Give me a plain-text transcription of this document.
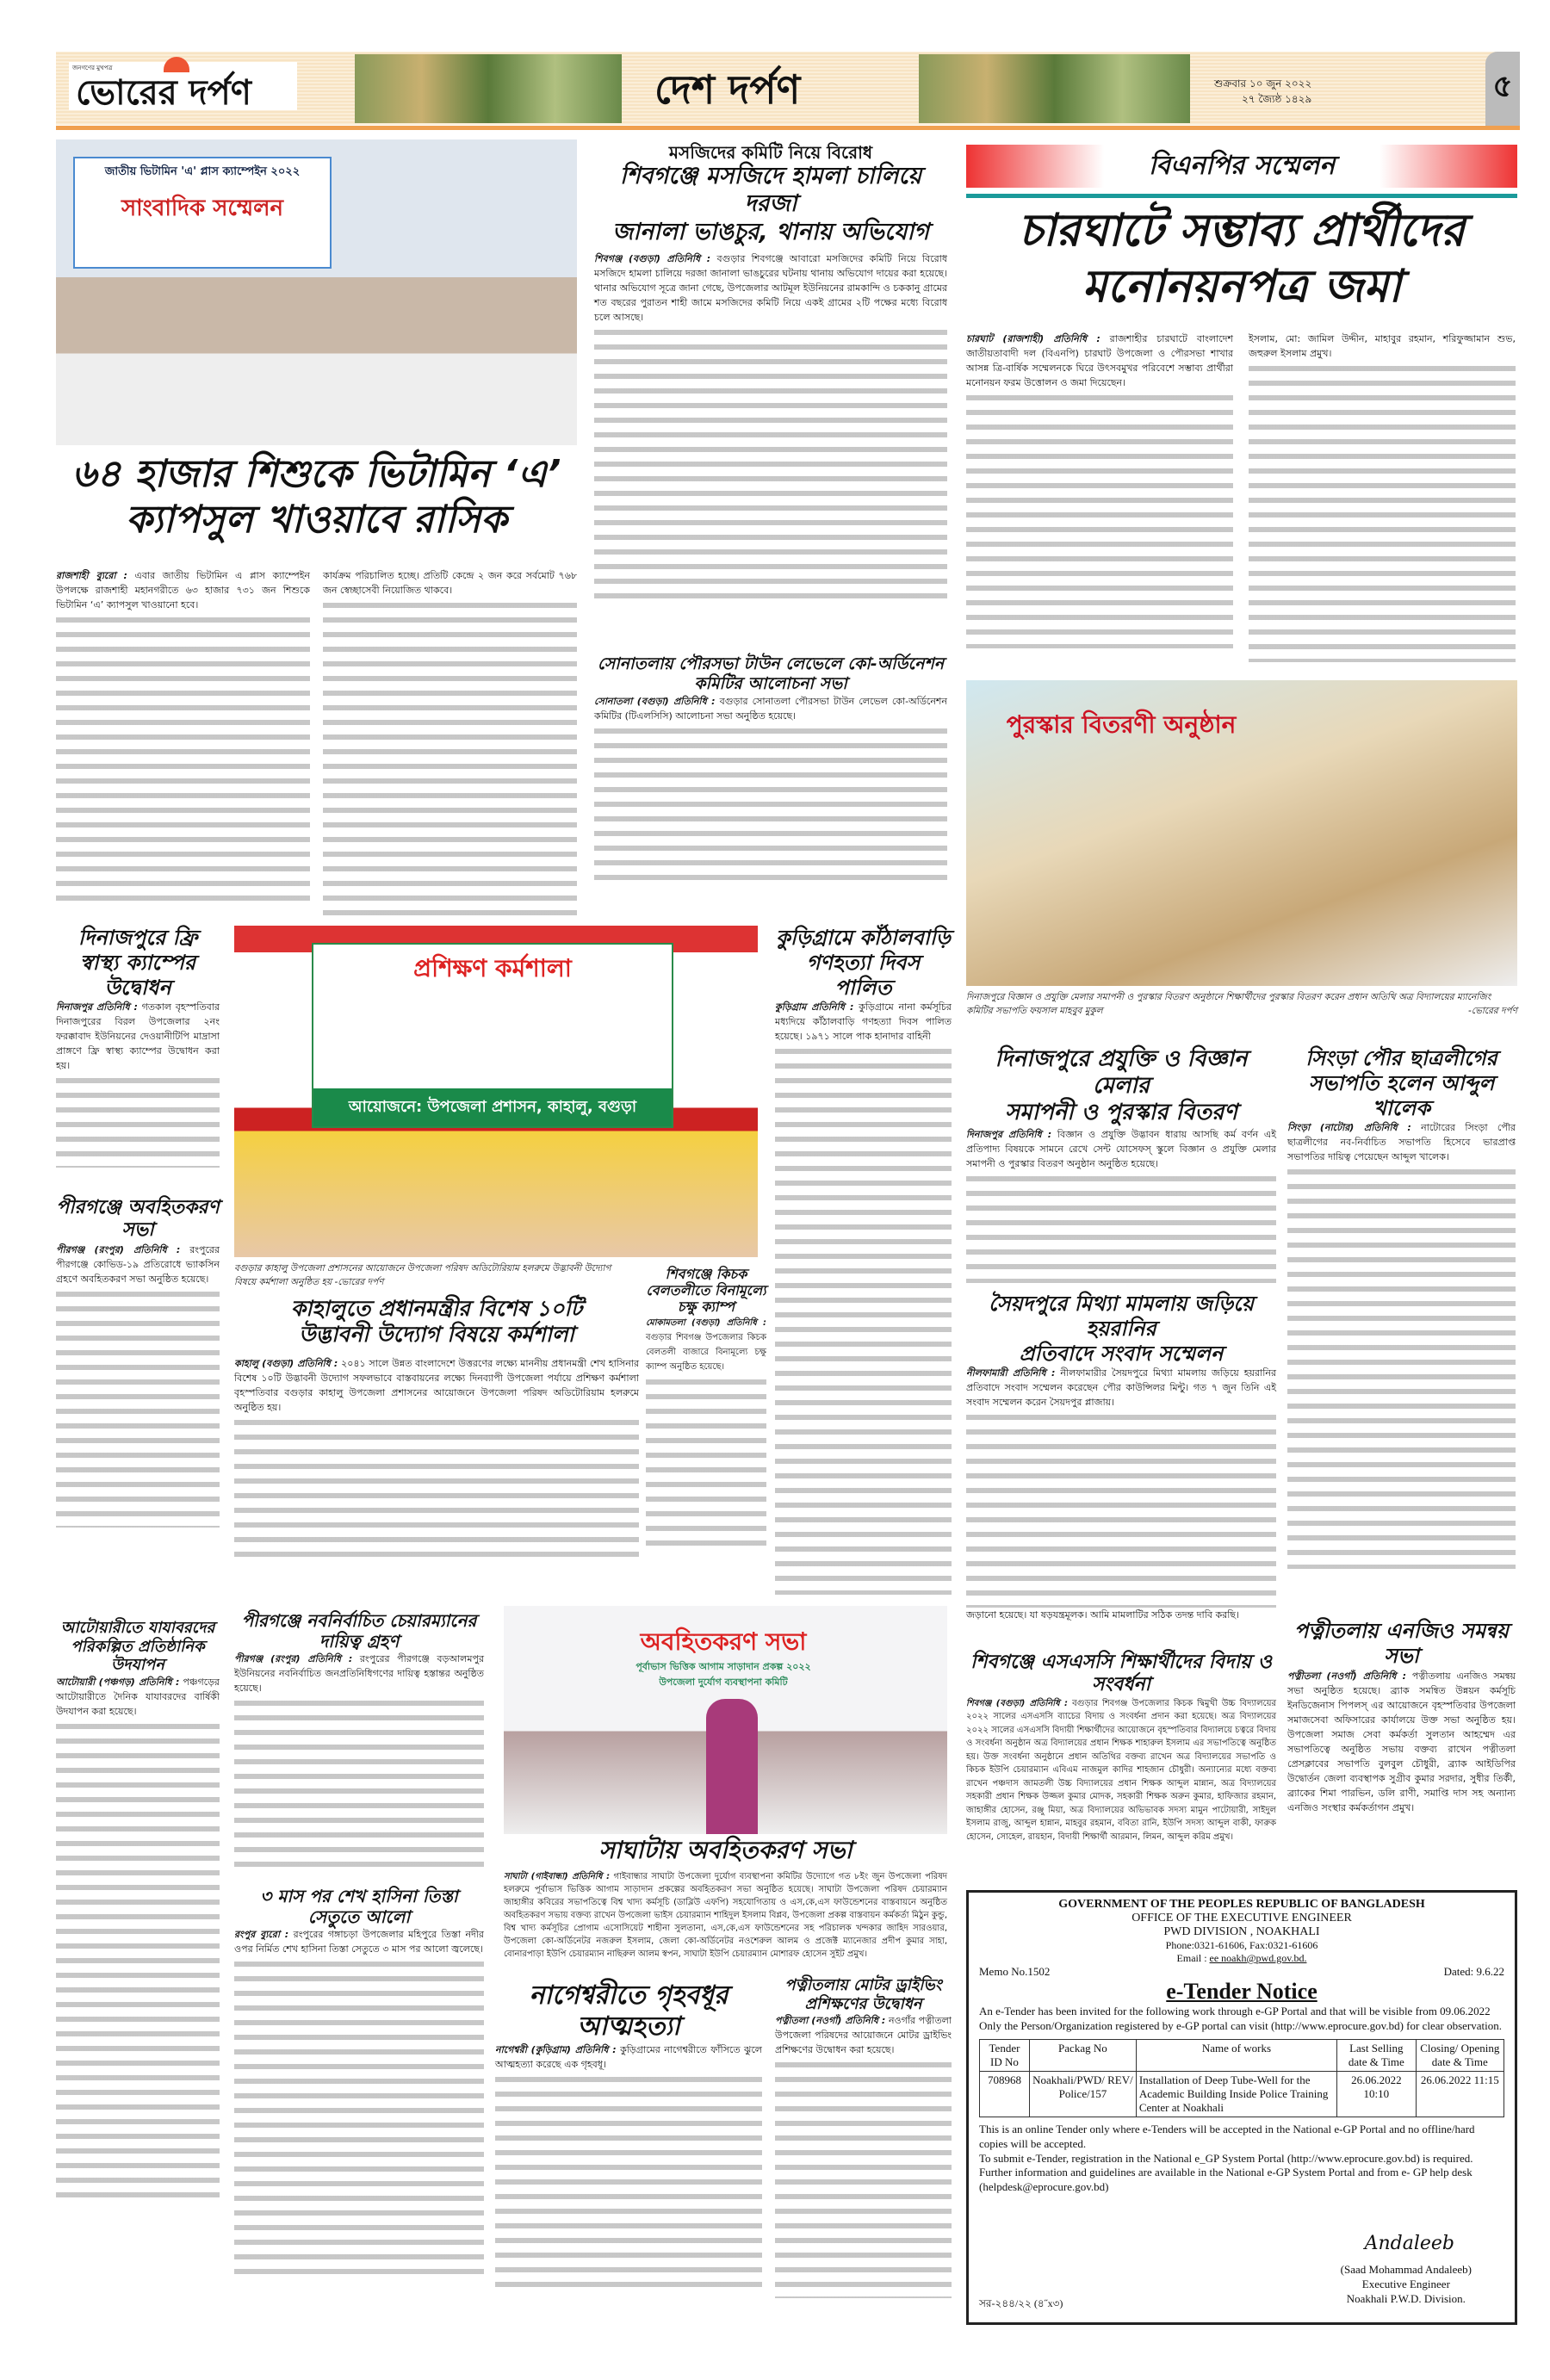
জনগণের মুখপত্র
ভোরের দর্পণ	দেশ দর্পণ	শুক্রবার ১০ জুন ২০২২
২৭ জ্যৈষ্ঠ ১৪২৯	৫
জাতীয় ভিটামিন 'এ' প্লাস ক্যাম্পেইন ২০২২
সাংবাদিক সম্মেলন
৬৪ হাজার শিশুকে ভিটামিন ‘এ’
ক্যাপসুল খাওয়াবে রাসিক

রাজশাহী ব্যুরো : এবার জাতীয় ভিটামিন এ প্লাস ক্যাম্পেইন উপলক্ষে রাজশাহী মহানগরীতে ৬৩ হাজার ৭৩১ জন শিশুকে ভিটামিন ‘এ’ ক্যাপসুল খাওয়ানো হবে।

কার্যক্রম পরিচালিত হচ্ছে। প্রতিটি কেন্দ্রে ২ জন করে সর্বমোট ৭৬৮ জন স্বেচ্ছাসেবী নিয়োজিত থাকবে।

মসজিদের কমিটি নিয়ে বিরোধ
শিবগঞ্জে মসজিদে হামলা চালিয়ে দরজা
জানালা ভাঙচুর, থানায় অভিযোগ

শিবগঞ্জ (বগুড়া) প্রতিনিধি : বগুড়ার শিবগঞ্জে আবারো মসজিদের কমিটি নিয়ে বিরোধ মসজিদে হামলা চালিয়ে দরজা জানালা ভাঙচুরের ঘটনায় থানায় অভিযোগ দায়ের করা হয়েছে। থানার অভিযোগ সূত্রে জানা গেছে, উপজেলার আটমূল ইউনিয়নের রামকান্দি ও চককানু গ্রামের শত বছরের পুরাতন শাহী জামে মসজিদের কমিটি নিয়ে একই গ্রামের ২টি পক্ষের মধ্যে বিরোধ চলে আসছে।

সোনাতলায় পৌরসভা টাউন লেভেলে কো-অর্ডিনেশন
কমিটির আলোচনা সভা

সোনাতলা (বগুড়া) প্রতিনিধি : বগুড়ার সোনাতলা পৌরসভা টাউন লেভেল কো-অর্ডিনেশন কমিটির (টিএলসিসি) আলোচনা সভা অনুষ্ঠিত হয়েছে।

বিএনপির সম্মেলন
চারঘাটে সম্ভাব্য প্রার্থীদের
মনোনয়নপত্র জমা

চারঘাট (রাজশাহী) প্রতিনিধি : রাজশাহীর চারঘাটে বাংলাদেশ জাতীয়তাবাদী দল (বিএনপি) চারঘাট উপজেলা ও পৌরসভা শাখার আসন্ন ত্রি-বার্ষিক সম্মেলনকে ঘিরে উৎসবমুখর পরিবেশে সম্ভাব্য প্রার্থীরা মনোনয়ন ফরম উত্তোলন ও জমা দিয়েছেন।

ইসলাম, মো: জামিল উদ্দীন, মাহাবুর রহমান, শরিফুজ্জামান শুভ, জহুরুল ইসলাম প্রমুখ।

পুরস্কার বিতরণী অনুষ্ঠান
দিনাজপুরে বিজ্ঞান ও প্রযুক্তি মেলার সমাপনী ও পুরস্কার বিতরণ অনুষ্ঠানে শিক্ষার্থীদের পুরস্কার বিতরণ করেন প্রধান অতিথি অত্র বিদ্যালয়ের ম্যানেজিং কমিটির সভাপতি ফয়সাল মাহবুব মুকুল	-ভোরের দর্পণ
দিনাজপুরে ফ্রি স্বাস্থ্য ক্যাম্পের উদ্বোধন

দিনাজপুর প্রতিনিধি : গতকাল বৃহস্পতিবার দিনাজপুরের বিরল উপজেলার ২নং ফরক্কাবাদ ইউনিয়নের দেওয়ানীটিপি মাদ্রাসা প্রাঙ্গণে ফ্রি স্বাস্থ্য ক্যাম্পের উদ্বোধন করা হয়।

পীরগঞ্জে অবহিতকরণ সভা

পীরগঞ্জ (রংপুর) প্রতিনিধি : রংপুরের পীরগঞ্জে কোভিড-১৯ প্রতিরোধে ভ্যাকসিন গ্রহণে অবহিতকরণ সভা অনুষ্ঠিত হয়েছে।

আটোয়ারীতে যাযাবরদের পরিকল্পিত প্রতিষ্ঠানিক উদযাপন

আটোয়ারী (পঞ্চগড়) প্রতিনিধি : পঞ্চগড়ের আটোয়ারীতে দৈনিক যাযাবরদের বার্ষিকী উদযাপন করা হয়েছে।

প্রশিক্ষণ কর্মশালা
আয়োজনে: উপজেলা প্রশাসন, কাহালু, বগুড়া
বগুড়ার কাহালু উপজেলা প্রশাসনের আয়োজনে উপজেলা পরিষদ অডিটোরিয়াম হলরুমে উদ্ভাবনী উদ্যোগ বিষয়ে কর্মশালা অনুষ্ঠিত হয় -ভোরের দর্পণ
কাহালুতে প্রধানমন্ত্রীর বিশেষ ১০টি
উদ্ভাবনী উদ্যোগ বিষয়ে কর্মশালা

কাহালু (বগুড়া) প্রতিনিধি : ২০৪১ সালে উন্নত বাংলাদেশে উত্তরণের লক্ষ্যে মাননীয় প্রধানমন্ত্রী শেখ হাসিনার বিশেষ ১০টি উদ্ভাবনী উদ্যোগ সফলভাবে বাস্তবায়নের লক্ষ্যে দিনব্যাপী উপজেলা পর্যায়ে প্রশিক্ষণ কর্মশালা বৃহস্পতিবার বগুড়ার কাহালু উপজেলা প্রশাসনের আয়োজনে উপজেলা পরিষদ অডিটোরিয়াম হলরুমে অনুষ্ঠিত হয়।

কুড়িগ্রামে কাঁঠালবাড়ি গণহত্যা দিবস পালিত

কুড়িগ্রাম প্রতিনিধি : কুড়িগ্রামে নানা কর্মসূচির মধ্যদিয়ে কাঁঠালবাড়ি গণহত্যা দিবস পালিত হয়েছে। ১৯৭১ সালে পাক হানাদার বাহিনী

শিবগঞ্জে কিচক বেলতলীতে বিনামূল্যে চক্ষু ক্যাম্প

মোকামতলা (বগুড়া) প্রতিনিধি : বগুড়ার শিবগঞ্জ উপজেলার কিচক বেলতলী বাজারে বিনামূল্যে চক্ষু ক্যাম্প অনুষ্ঠিত হয়েছে।

দিনাজপুরে প্রযুক্তি ও বিজ্ঞান মেলার
সমাপনী ও পুরস্কার বিতরণ

দিনাজপুর প্রতিনিধি : বিজ্ঞান ও প্রযুক্তি উদ্ভাবন ধারায় আসছি কর্ম বর্ণন এই প্রতিপাদ্য বিষয়কে সামনে রেখে সেন্ট যোসেফস্ স্কুলে বিজ্ঞান ও প্রযুক্তি মেলার সমাপনী ও পুরস্কার বিতরণ অনুষ্ঠান অনুষ্ঠিত হয়েছে।

সিংড়া পৌর ছাত্রলীগের
সভাপতি হলেন আব্দুল খালেক

সিংড়া (নাটোর) প্রতিনিধি : নাটোরের সিংড়া পৌর ছাত্রলীগের নব-নির্বাচিত সভাপতি হিসেবে ভারপ্রাপ্ত সভাপতির দায়িত্ব পেয়েছেন আব্দুল খালেক।

সৈয়দপুরে মিথ্যা মামলায় জড়িয়ে হয়রানির
প্রতিবাদে সংবাদ সম্মেলন

নীলফামারী প্রতিনিধি : নীলফামারীর সৈয়দপুরে মিথ্যা মামলায় জড়িয়ে হয়রানির প্রতিবাদে সংবাদ সম্মেলন করেছেন পৌর কাউন্সিলর মিন্টু। গত ৭ জুন তিনি এই সংবাদ সম্মেলন করেন সৈয়দপুর প্লাজায়।

জড়ানো হয়েছে। যা ষড়যন্ত্রমূলক। আমি মামলাটির সঠিক তদন্ত দাবি করছি।

শিবগঞ্জে এসএসসি শিক্ষার্থীদের বিদায় ও সংবর্ধনা

শিবগঞ্জ (বগুড়া) প্রতিনিধি : বগুড়ার শিবগঞ্জ উপজেলার কিচক দ্বিমুখী উচ্চ বিদ্যালয়ের ২০২২ সালের এসএসসি ব্যাচের বিদায় ও সংবর্ধনা প্রদান করা হয়েছে। অত্র বিদ্যালয়ের ২০২২ সালের এসএসসি বিদায়ী শিক্ষার্থীদের আয়োজনে বৃহস্পতিবার বিদ্যালয়ে চত্বরে বিদায় ও সংবর্ধনা অনুষ্ঠান অত্র বিদ্যালয়ের প্রধান শিক্ষক শাহারুল ইসলাম এর সভাপতিত্বে অনুষ্ঠিত হয়। উক্ত সংবর্ধনা অনুষ্ঠানে প্রধান অতিথির বক্তব্য রাখেন অত্র বিদ্যালয়ের সভাপতি ও কিচক ইউপি চেয়ারম্যান এবিএম নাজমুল কাদির শাহজান চৌধুরী। অন্যান্যের মধ্যে বক্তব্য রাখেন পঞ্চদাস জামতলী উচ্চ বিদ্যালয়ের প্রধান শিক্ষক আব্দুল মান্নান, অত্র বিদ্যালয়ের সহকারী প্রধান শিক্ষক উজ্জল কুমার মোদক, সহকারী শিক্ষক অরুন কুমার, হাফিজার রহমান, জাহাঙ্গীর হোসেন, রঞ্জু মিয়া, অত্র বিদ্যালয়ের অভিভাবক সদস্য মামুন পাটোয়ারী, সাইদুল ইসলাম রাজু, আব্দুল হান্নান, মাহবুর রহমান, ববিতা রানি, ইউপি সদস্য আব্দুল বাকী, ফারুক হোসেন, সোহেল, রায়হান, বিদায়ী শিক্ষার্থী আরমান, লিমন, আব্দুল করিম প্রমুখ।

পত্নীতলায় এনজিও সমন্বয় সভা

পত্নীতলা (নওগাঁ) প্রতিনিধি : পত্নীতলায় এনজিও সমন্বয় সভা অনুষ্ঠিত হয়েছে। ব্র্যাক সমন্বিত উন্নয়ন কর্মসূচি ইনডিজেনাস পিপলস্ এর আয়োজনে বৃহস্পতিবার উপজেলা সমাজসেবা অফিসারের কার্যালয়ে উক্ত সভা অনুষ্ঠিত হয়। উপজেলা সমাজ সেবা কর্মকর্তা সুলতান আহম্মেদ এর সভাপতিত্বে অনুষ্ঠিত সভায় বক্তব্য রাখেন পত্নীতলা প্রেসক্লাবের সভাপতি বুলবুল চৌধুরী, ব্র্যাক আইডিপির উদ্বোর্তন জেলা ব্যবস্থাপক সুগ্রীব কুমার সরদার, সুধীর তির্কী, ব্র্যাকের শিমা পারভিন, ডলি রাণী, সমাপ্তি দাস সহ অন্যান্য এনজিও সংস্থার কর্মকর্তাগন প্রমুখ।

পীরগঞ্জে নবনির্বাচিত চেয়ারম্যানের দায়িত্ব গ্রহণ

পীরগঞ্জ (রংপুর) প্রতিনিধি : রংপুরের পীরগঞ্জে বড়আলমপুর ইউনিয়নের নবনির্বাচিত জনপ্রতিনিধিগণের দায়িত্ব হস্তান্তর অনুষ্ঠিত হয়েছে।

৩ মাস পর শেখ হাসিনা তিস্তা সেতুতে আলো

রংপুর ব্যুরো : রংপুরের গঙ্গাচড়া উপজেলার মহিপুরে তিস্তা নদীর ওপর নির্মিত শেখ হাসিনা তিস্তা সেতুতে ৩ মাস পর আলো জ্বলেছে।

অবহিতকরণ সভা
পূর্বাভাস ভিত্তিক আগাম সাড়াদান প্রকল্প ২০২২
উপজেলা দুর্যোগ ব্যবস্থাপনা কমিটি
সাঘাটায় অবহিতকরণ সভা

সাঘাটা (গাইবান্ধা) প্রতিনিধি : গাইবান্ধার সাঘাটা উপজেলা দুর্যোগ ব্যবস্থাপনা কমিটির উদ্যোগে গত ৮ইং জুন উপজেলা পরিষদ হলরুমে পূর্বাভাস ভিত্তিক আগাম সাড়াদান প্রকল্পের অবহিতকরণ সভা অনুষ্ঠিত হয়েছে। সাঘাটা উপজেলা পরিষদ চেয়ারম্যান জাহাঙ্গীর কবিরের সভাপতিত্বে বিশ্ব খাদ্য কর্মসূচি (ডাব্লিউ এফপি) সহযোগিতায় ও এস,কে,এস ফাউন্ডেশনের বাস্তবায়নে অনুষ্ঠিত অবহিতকরণ সভায় বক্তব্য রাখেন উপজেলা ভাইস চেয়ারম্যান শাহিদুল ইসলাম বিপ্লব, উপজেলা প্রকল্প বাস্তবায়ন কর্মকর্তা মিঠুন কুন্ডু, বিশ্ব খাদ্য কর্মসূচির প্রোগাম এসোসিয়েট শাহীনা সুলতানা, এস,কে,এস ফাউন্ডেশনের সহ পরিচালক খন্দকার জাহিদ সারওয়ার, উপজেলা কো-অর্ডিনেটর নজরুল ইসলাম, জেলা কো-অর্ডিনেটর নওশেরুল আলম ও প্রজেক্ট ম্যানেজার প্রদীপ কুমার সাহা, বোনারপাড়া ইউপি চেয়ারম্যান নাছিরুল আলম স্বপন, সাঘাটা ইউপি চেয়ারম্যান মোশারফ হোসেন সুইট প্রমুখ।

নাগেশ্বরীতে গৃহবধূর
আত্মহত্যা

নাগেশ্বরী (কুড়িগ্রাম) প্রতিনিধি : কুড়িগ্রামের নাগেশ্বরীতে ফাঁসিতে ঝুলে আত্মহত্যা করেছে এক গৃহবধূ।

পত্নীতলায় মোটর ড্রাইভিং প্রশিক্ষণের উদ্বোধন

পত্নীতলা (নওগাঁ) প্রতিনিধি : নওগাঁর পত্নীতলা উপজেলা পরিষদের আয়োজনে মোটর ড্রাইভিং প্রশিক্ষণের উদ্বোধন করা হয়েছে।

GOVERNMENT OF THE PEOPLES REPUBLIC OF BANGLADESH
OFFICE OF THE EXECUTIVE ENGINEER
PWD DIVISION , NOAKHALI
Phone:0321-61606, Fax:0321-61606
Email : ee noakh@pwd.gov.bd.
Memo No.1502	Dated: 9.6.22
e-Tender Notice

An e-Tender has been invited for the following work through e-GP Portal and that will be visible from 09.06.2022 Only the Person/Organization registered by e-GP portal can visit (http://www.eprocure.gov.bd) for clear observation.

Tender ID No	Packag No	Name of works	Last Selling date & Time	Closing/ Opening date & Time
708968	Noakhali/PWD/ REV/ Police/157	Installation of Deep Tube-Well for the Academic Building Inside Police Training Center at Noakhali	26.06.2022 10:10	26.06.2022 11:15

This is an online Tender only where e-Tenders will be accepted in the National e-GP Portal and no offline/hard copies will be accepted.

To submit e-Tender, registration in the National e_GP System Portal (http://www.eprocure.gov.bd) is required. Further information and guidelines are available in the National e-GP System Portal and from e- GP help desk (helpdesk@eprocure.gov.bd)

Andaleeb
(Saad Mohammad Andaleeb)
Executive Engineer
Noakhali P.W.D. Division.
সর-২৪৪/২২ (৪˝x৩)
